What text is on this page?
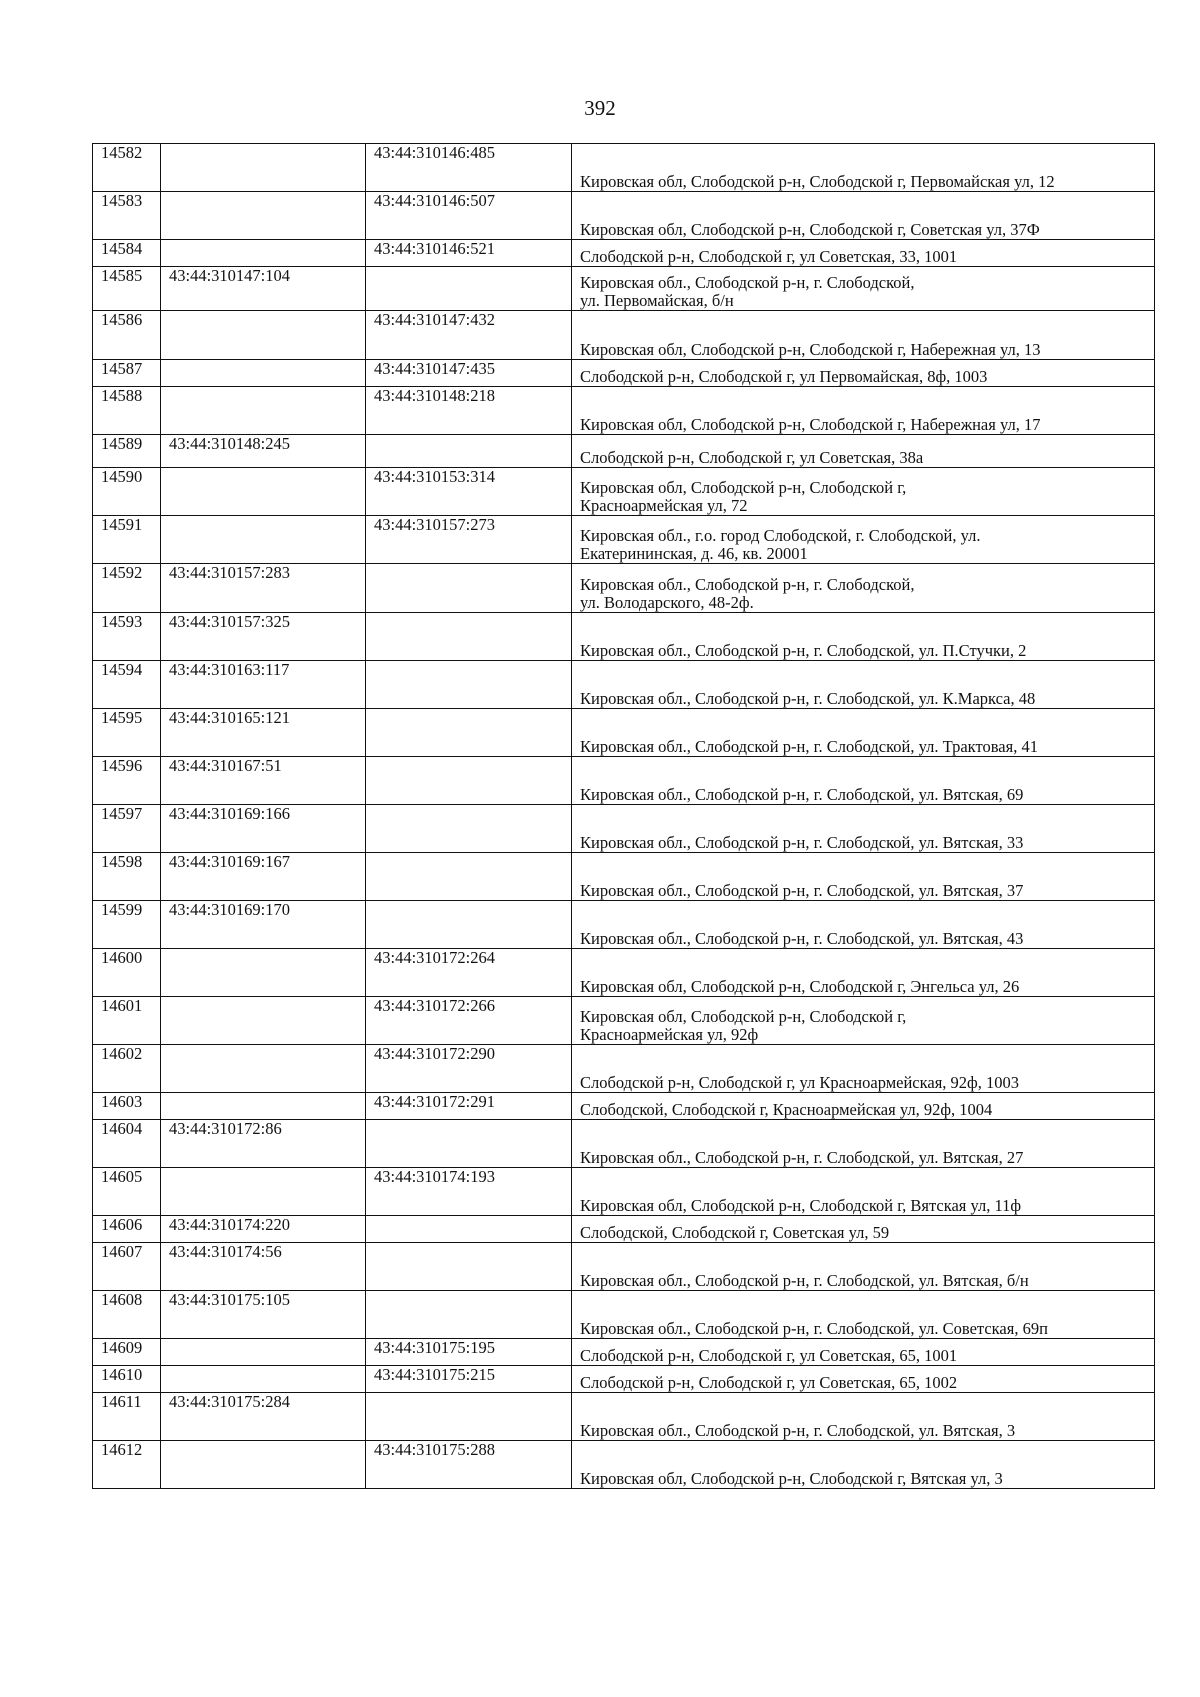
392
14582		43:44:310146:485	Кировская обл, Слободской р-н, Слободской г, Первомайская ул, 12
14583		43:44:310146:507	Кировская обл, Слободской р-н, Слободской г, Советская ул, 37Ф
14584		43:44:310146:521	Слободской р-н, Слободской г, ул Советская, 33, 1001
14585	43:44:310147:104		Кировская обл., Слободской р-н, г. Слободской,
ул. Первомайская, б/н
14586		43:44:310147:432	Кировская обл, Слободской р-н, Слободской г, Набережная ул, 13
14587		43:44:310147:435	Слободской р-н, Слободской г, ул Первомайская, 8ф, 1003
14588		43:44:310148:218	Кировская обл, Слободской р-н, Слободской г, Набережная ул, 17
14589	43:44:310148:245		Слободской р-н, Слободской г, ул Советская, 38а
14590		43:44:310153:314	Кировская обл, Слободской р-н, Слободской г,
Красноармейская ул, 72
14591		43:44:310157:273	Кировская обл., г.о. город Слободской, г. Слободской, ул.
Екатерининская, д. 46, кв. 20001
14592	43:44:310157:283		Кировская обл., Слободской р-н, г. Слободской,
ул. Володарского, 48-2ф.
14593	43:44:310157:325		Кировская обл., Слободской р-н, г. Слободской, ул. П.Стучки, 2
14594	43:44:310163:117		Кировская обл., Слободской р-н, г. Слободской, ул. К.Маркса, 48
14595	43:44:310165:121		Кировская обл., Слободской р-н, г. Слободской, ул. Трактовая, 41
14596	43:44:310167:51		Кировская обл., Слободской р-н, г. Слободской, ул. Вятская, 69
14597	43:44:310169:166		Кировская обл., Слободской р-н, г. Слободской, ул. Вятская, 33
14598	43:44:310169:167		Кировская обл., Слободской р-н, г. Слободской, ул. Вятская, 37
14599	43:44:310169:170		Кировская обл., Слободской р-н, г. Слободской, ул. Вятская, 43
14600		43:44:310172:264	Кировская обл, Слободской р-н, Слободской г, Энгельса ул, 26
14601		43:44:310172:266	Кировская обл, Слободской р-н, Слободской г,
Красноармейская ул, 92ф
14602		43:44:310172:290	Слободской р-н, Слободской г, ул Красноармейская, 92ф, 1003
14603		43:44:310172:291	Слободской, Слободской г, Красноармейская ул, 92ф, 1004
14604	43:44:310172:86		Кировская обл., Слободской р-н, г. Слободской, ул. Вятская, 27
14605		43:44:310174:193	Кировская обл, Слободской р-н, Слободской г, Вятская ул, 11ф
14606	43:44:310174:220		Слободской, Слободской г, Советская ул, 59
14607	43:44:310174:56		Кировская обл., Слободской р-н, г. Слободской, ул. Вятская, б/н
14608	43:44:310175:105		Кировская обл., Слободской р-н, г. Слободской, ул. Советская, 69п
14609		43:44:310175:195	Слободской р-н, Слободской г, ул Советская, 65, 1001
14610		43:44:310175:215	Слободской р-н, Слободской г, ул Советская, 65, 1002
14611	43:44:310175:284		Кировская обл., Слободской р-н, г. Слободской, ул. Вятская, 3
14612		43:44:310175:288	Кировская обл, Слободской р-н, Слободской г, Вятская ул, 3
